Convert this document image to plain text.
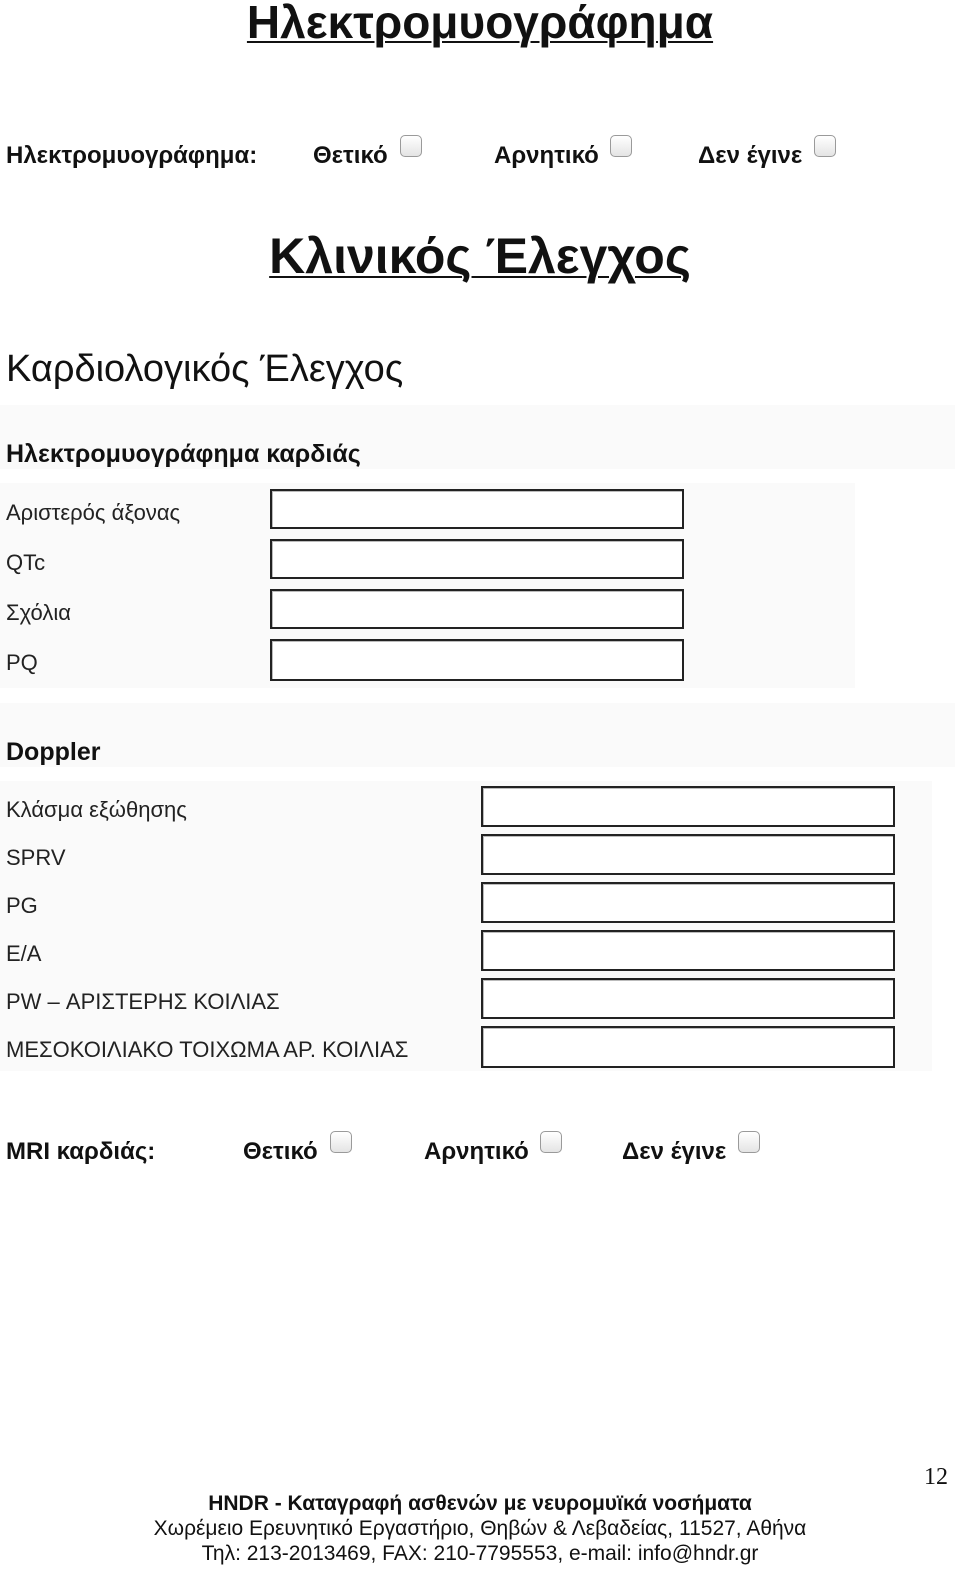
Ηλεκτρομυογράφημα
Ηλεκτρομυογράφημα: Θετικό	Αρνητικό	Δεν έγινε
Κλινικός Έλεγχος
Καρδιολογικός Έλεγχος
Ηλεκτρομυογράφημα καρδιάς
Αριστερός άξονας
QTc
Σχόλια
PQ
Doppler
Κλάσμα εξώθησης
SPRV
PG
E/A
PW – ΑΡΙΣΤΕΡΗΣ ΚΟΙΛΙΑΣ
ΜΕΣΟΚΟΙΛΙΑΚΟ ΤΟΙΧΩΜΑ ΑΡ. ΚΟΙΛΙΑΣ
MRI καρδιάς:	Θετικό	Αρνητικό	Δεν έγινε
12
HNDR - Καταγραφή ασθενών με νευρομυϊκά νοσήματα
Χωρέμειο Ερευνητικό Εργαστήριο, Θηβών & Λεβαδείας, 11527, Αθήνα
Τηλ: 213-2013469, FAX: 210-7795553, e-mail: info@hndr.gr
